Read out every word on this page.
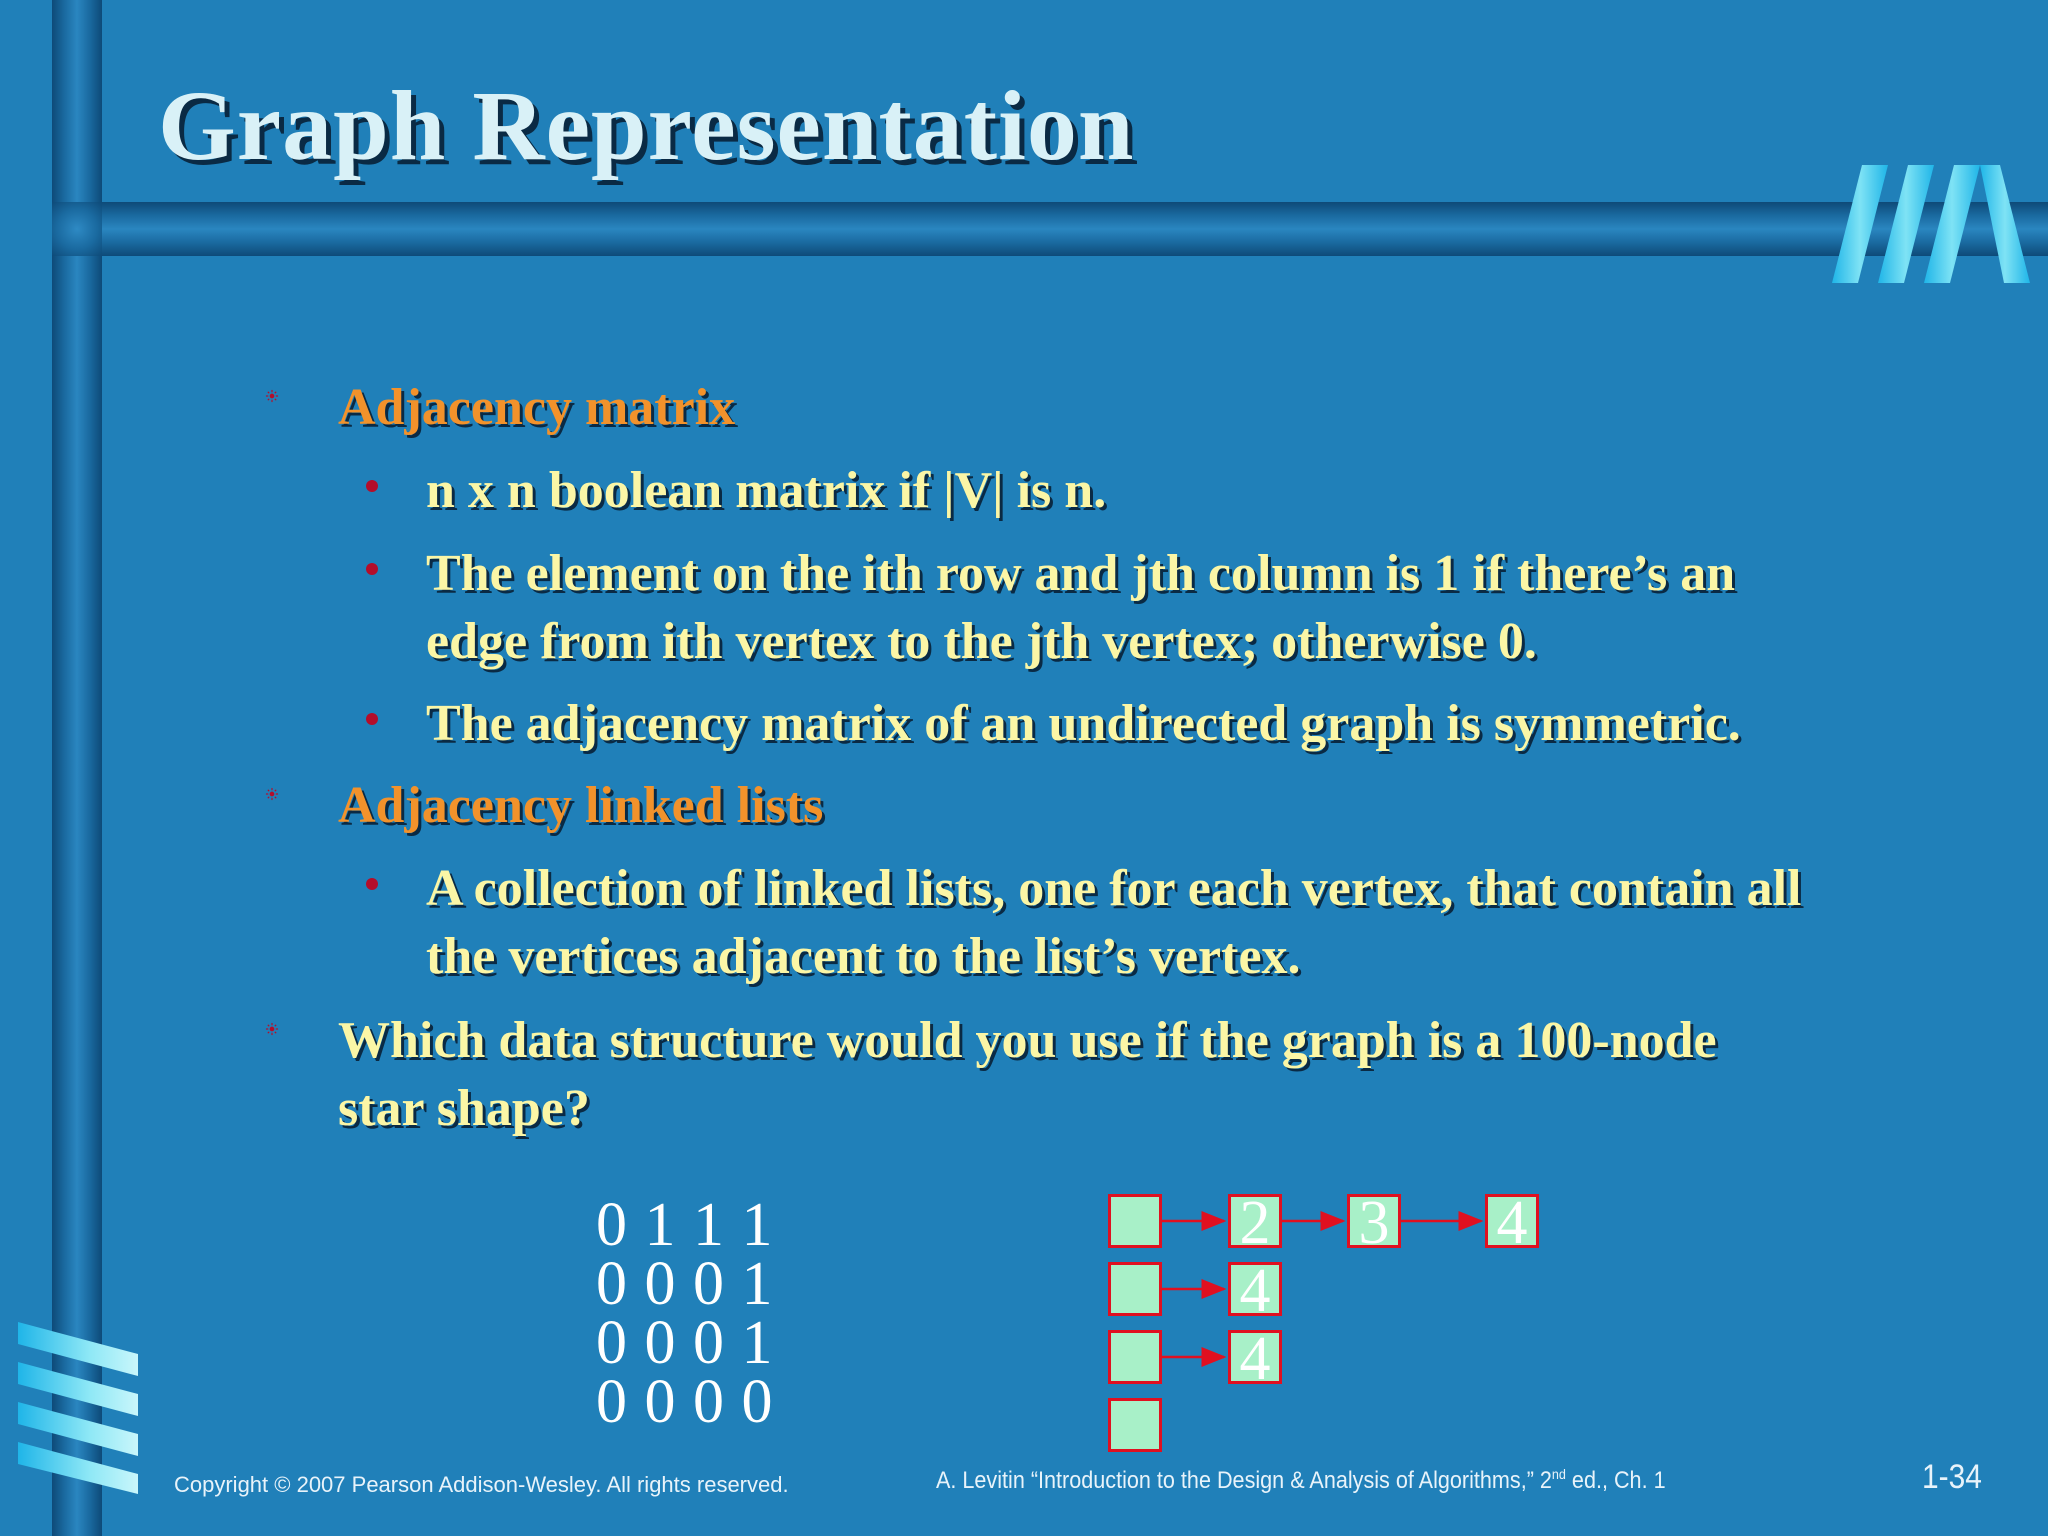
Graph Representation
Adjacency matrix
n x n boolean matrix if |V| is n.
The element on the ith row and jth column is 1 if there’s an
edge from ith vertex to the jth vertex; otherwise 0.
The adjacency matrix of an undirected graph is symmetric.
Adjacency linked lists
A collection of linked lists, one for each vertex, that contain all
the vertices adjacent to the list’s vertex.
Which data structure would you use if the graph is a 100-node
star shape?
0 1 1 1
0 0 0 1
0 0 0 1
0 0 0 0
2 3 4
4
4
Copyright © 2007 Pearson Addison-Wesley. All rights reserved.	A. Levitin “Introduction to the Design & Analysis of Algorithms,” 2nd ed., Ch. 1	1-34
